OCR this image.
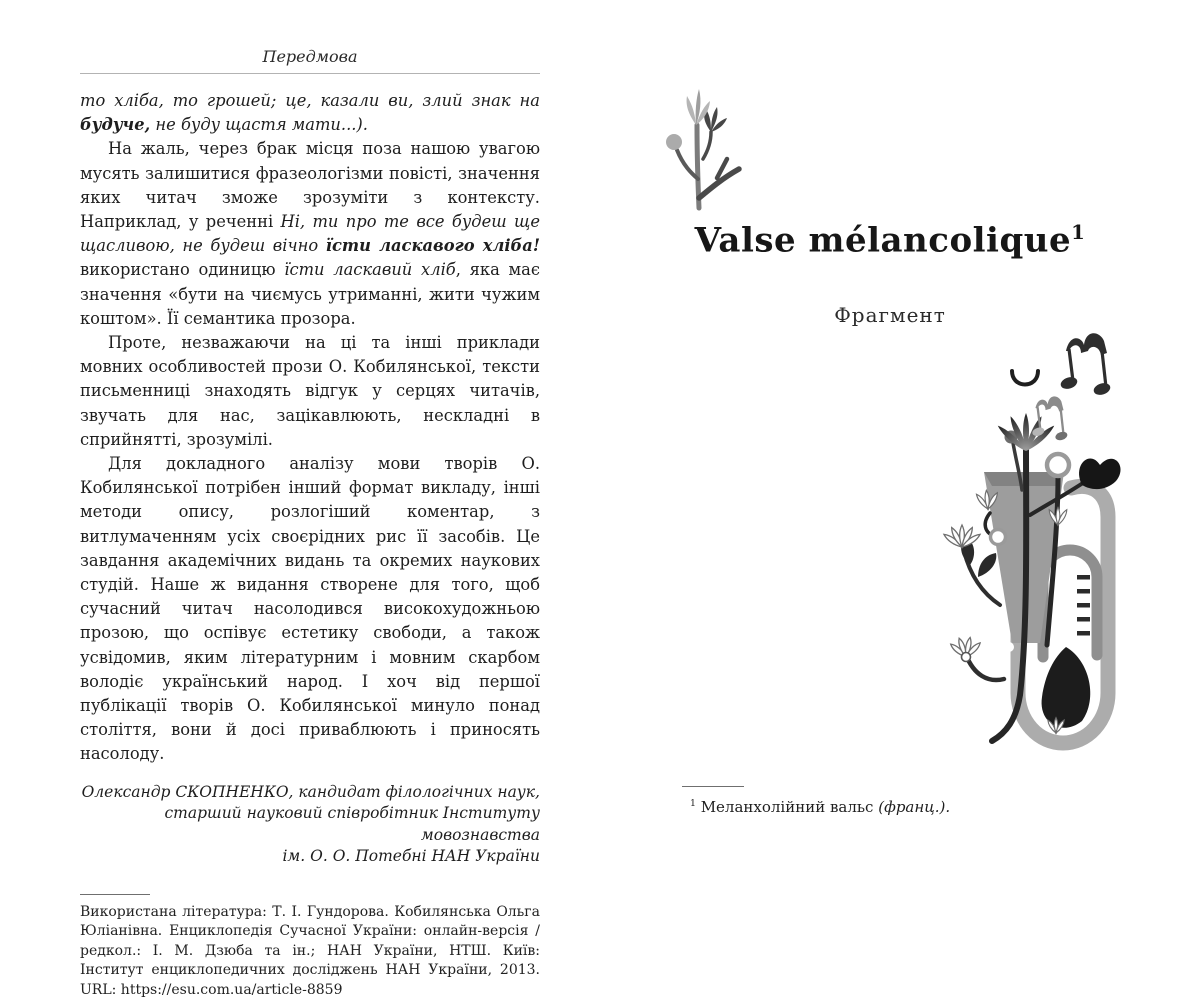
Передмова

то хліба, то грошей; це, казали ви, злий знак на будуче, не буду щастя мати...).

На жаль, через брак місця поза нашою увагою мусять залишитися фразеологізми повісті, значення яких читач зможе зрозуміти з контексту. Наприклад, у реченні Ні, ти про те все будеш ще щасливою, не будеш вічно їсти ласкавого хліба! використано одиницю їсти ласкавий хліб, яка має значення «бути на чиємусь утриманні, жити чужим коштом». Її семантика прозора.

Проте, незважаючи на ці та інші приклади мовних особливостей прози О. Кобилянської, тексти письменниці знаходять відгук у серцях читачів, звучать для нас, зацікавлюють, нескладні в сприйнятті, зрозумілі.

Для докладного аналізу мови творів О. Кобилянської потрібен інший формат викладу, інші методи опису, розлогіший коментар, з витлумаченням усіх своєрідних рис її засобів. Це завдання академічних видань та окремих наукових студій. Наше ж видання створене для того, щоб сучасний читач насолодився високохудожньою прозою, що оспівує естетику свободи, а також усвідомив, яким літературним і мовним скарбом володіє український народ. І хоч від першої публікації творів О. Кобилянської минуло понад століття, вони й досі приваблюють і приносять насолоду.

Олександр СКОПНЕНКО, кандидат філологічних наук,
старший науковий співробітник Інституту мовознавства
ім. О. О. Потебні НАН України

Використана література: Т. І. Гундорова. Кобилянська Ольга Юліанівна. Енциклопедія Сучасної України: онлайн-версія / редкол.: І. М. Дзюба та ін.; НАН України, НТШ. Київ: Інститут енциклопедичних досліджень НАН України, 2013. URL: https://esu.com.ua/article-8859

Valse mélancolique$^1$
Фрагмент

$^1$ Меланхолійний вальс (франц.).
